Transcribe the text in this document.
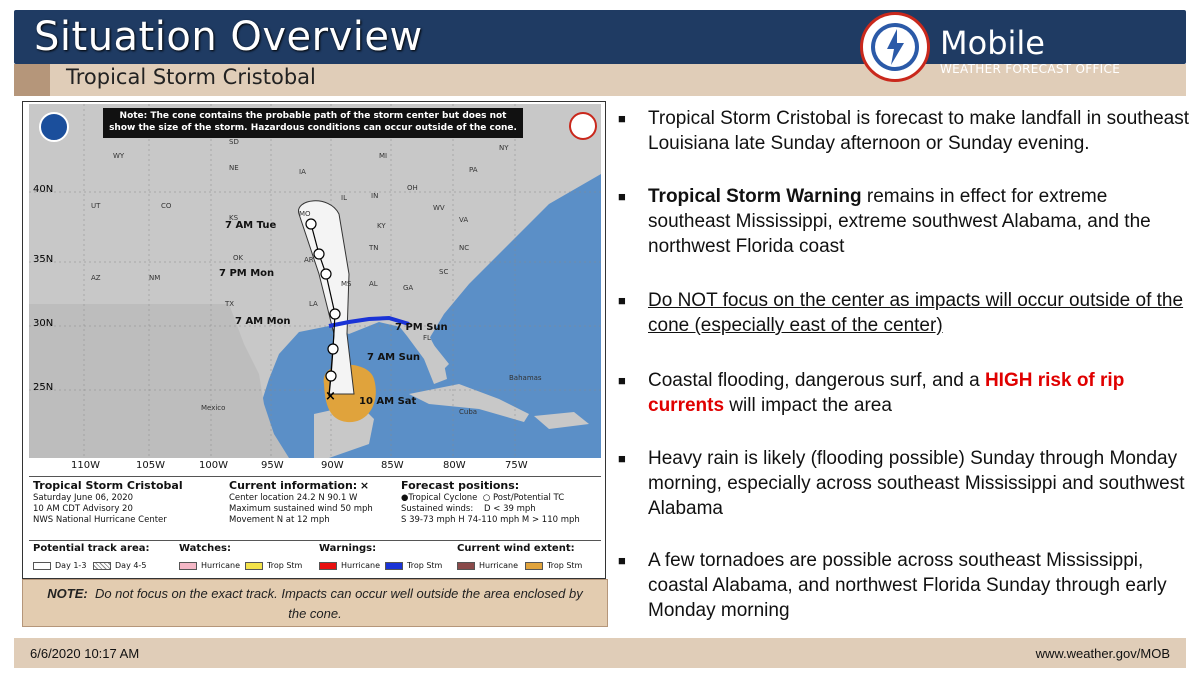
Situation Overview
Tropical Storm Cristobal
Mobile
WEATHER FORECAST OFFICE
×
Note: The cone contains the probable path of the storm center but does not show the size of the storm. Hazardous conditions can occur outside of the cone.
40N
35N
30N
25N
WY
NE
UT	CO
KS	MO
AZ	NM
OK	AR
TX	LA
MS	AL	GA
TN
KY
IL	IN
OH
WV
VA
NC
SC
FL
PA
NY
MI
IA
SD
7 AM Tue
7 PM Mon
7 AM Mon
7 PM Sun
7 AM Sun
10 AM Sat
Mexico
Bahamas
Cuba
110W	105W	100W	95W	90W	85W	80W	75W
Tropical Storm Cristobal
Saturday June 06, 2020
10 AM CDT Advisory 20
NWS National Hurricane Center
Current information: ×
Center location 24.2 N 90.1 W
Maximum sustained wind 50 mph
Movement N at 12 mph
Forecast positions:
●Tropical Cyclone ○ Post/Potential TC
Sustained winds: D < 39 mph
S 39-73 mph H 74-110 mph M > 110 mph
Potential track area:
Day 1-3	Day 4-5
Watches:
Hurricane	Trop Stm
Warnings:
Hurricane	Trop Stm
Current wind extent:
Hurricane	Trop Stm
NOTE: Do not focus on the exact track. Impacts can occur well outside the area enclosed by the cone.
■ Tropical Storm Cristobal is forecast to make landfall in southeast Louisiana late Sunday afternoon or Sunday evening.
■ Tropical Storm Warning remains in effect for extreme southeast Mississippi, extreme southwest Alabama, and the northwest Florida coast
■ Do NOT focus on the center as impacts will occur outside of the cone (especially east of the center)
■ Coastal flooding, dangerous surf, and a HIGH risk of rip currents will impact the area
■ Heavy rain is likely (flooding possible) Sunday through Monday morning, especially across southeast Mississippi and southwest Alabama
■ A few tornadoes are possible across southeast Mississippi, coastal Alabama, and northwest Florida Sunday through early Monday morning
6/6/2020 10:17 AM	www.weather.gov/MOB
